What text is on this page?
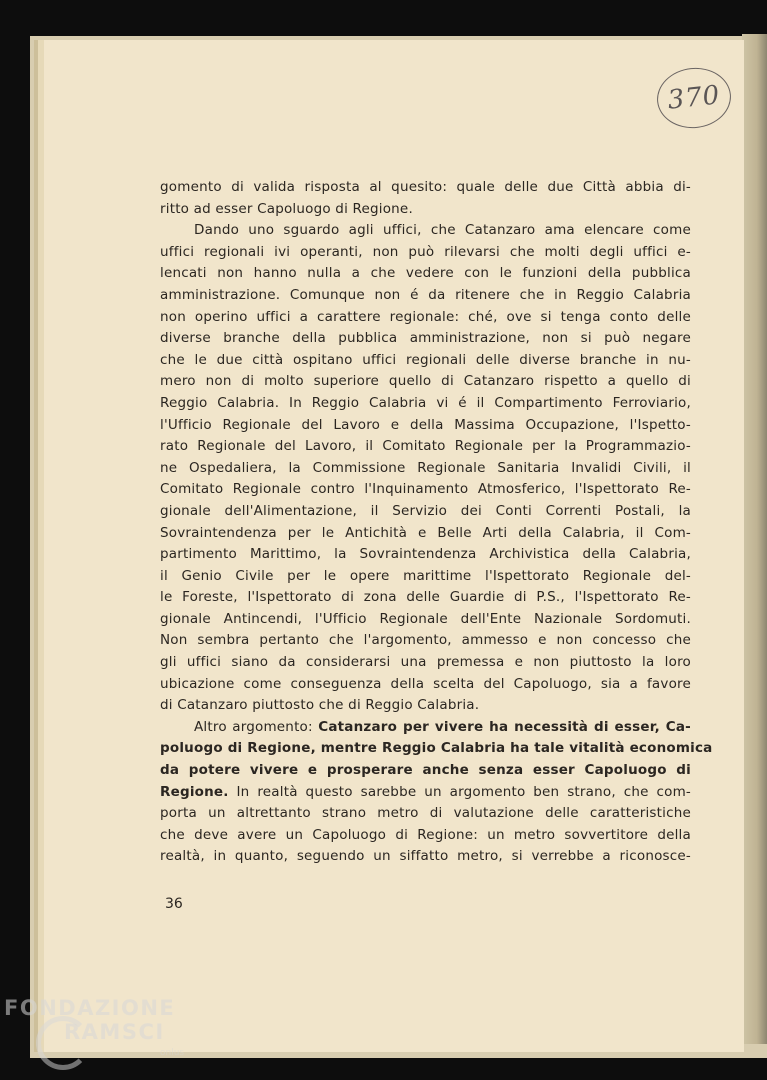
370
gomento di valida risposta al quesito: quale delle due Città abbia di-
ritto ad esser Capoluogo di Regione.
Dando uno sguardo agli uffici, che Catanzaro ama elencare come
uffici regionali ivi operanti, non può rilevarsi che molti degli uffici e-
lencati non hanno nulla a che vedere con le funzioni della pubblica
amministrazione. Comunque non é da ritenere che in Reggio Calabria
non operino uffici a carattere regionale: ché, ove si tenga conto delle
diverse branche della pubblica amministrazione, non si può negare
che le due città ospitano uffici regionali delle diverse branche in nu-
mero non di molto superiore quello di Catanzaro rispetto a quello di
Reggio Calabria. In Reggio Calabria vi é il Compartimento Ferroviario,
l'Ufficio Regionale del Lavoro e della Massima Occupazione, l'Ispetto-
rato Regionale del Lavoro, il Comitato Regionale per la Programmazio-
ne Ospedaliera, la Commissione Regionale Sanitaria Invalidi Civili, il
Comitato Regionale contro l'Inquinamento Atmosferico, l'Ispettorato Re-
gionale dell'Alimentazione, il Servizio dei Conti Correnti Postali, la
Sovraintendenza per le Antichità e Belle Arti della Calabria, il Com-
partimento Marittimo, la Sovraintendenza Archivistica della Calabria,
il Genio Civile per le opere marittime l'Ispettorato Regionale del-
le Foreste, l'Ispettorato di zona delle Guardie di P.S., l'Ispettorato Re-
gionale Antincendi, l'Ufficio Regionale dell'Ente Nazionale Sordomuti.
Non sembra pertanto che l'argomento, ammesso e non concesso che
gli uffici siano da considerarsi una premessa e non piuttosto la loro
ubicazione come conseguenza della scelta del Capoluogo, sia a favore
di Catanzaro piuttosto che di Reggio Calabria.
Altro argomento: Catanzaro per vivere ha necessità di esser, Ca-
poluogo di Regione, mentre Reggio Calabria ha tale vitalità economica
da potere vivere e prosperare anche senza esser Capoluogo di
Regione. In realtà questo sarebbe un argomento ben strano, che com-
porta un altrettanto strano metro di valutazione delle caratteristiche
che deve avere un Capoluogo di Regione: un metro sovvertitore della
realtà, in quanto, seguendo un siffatto metro, si verrebbe a riconosce-
36
FONDAZIONE
RAMSCI
onlus
